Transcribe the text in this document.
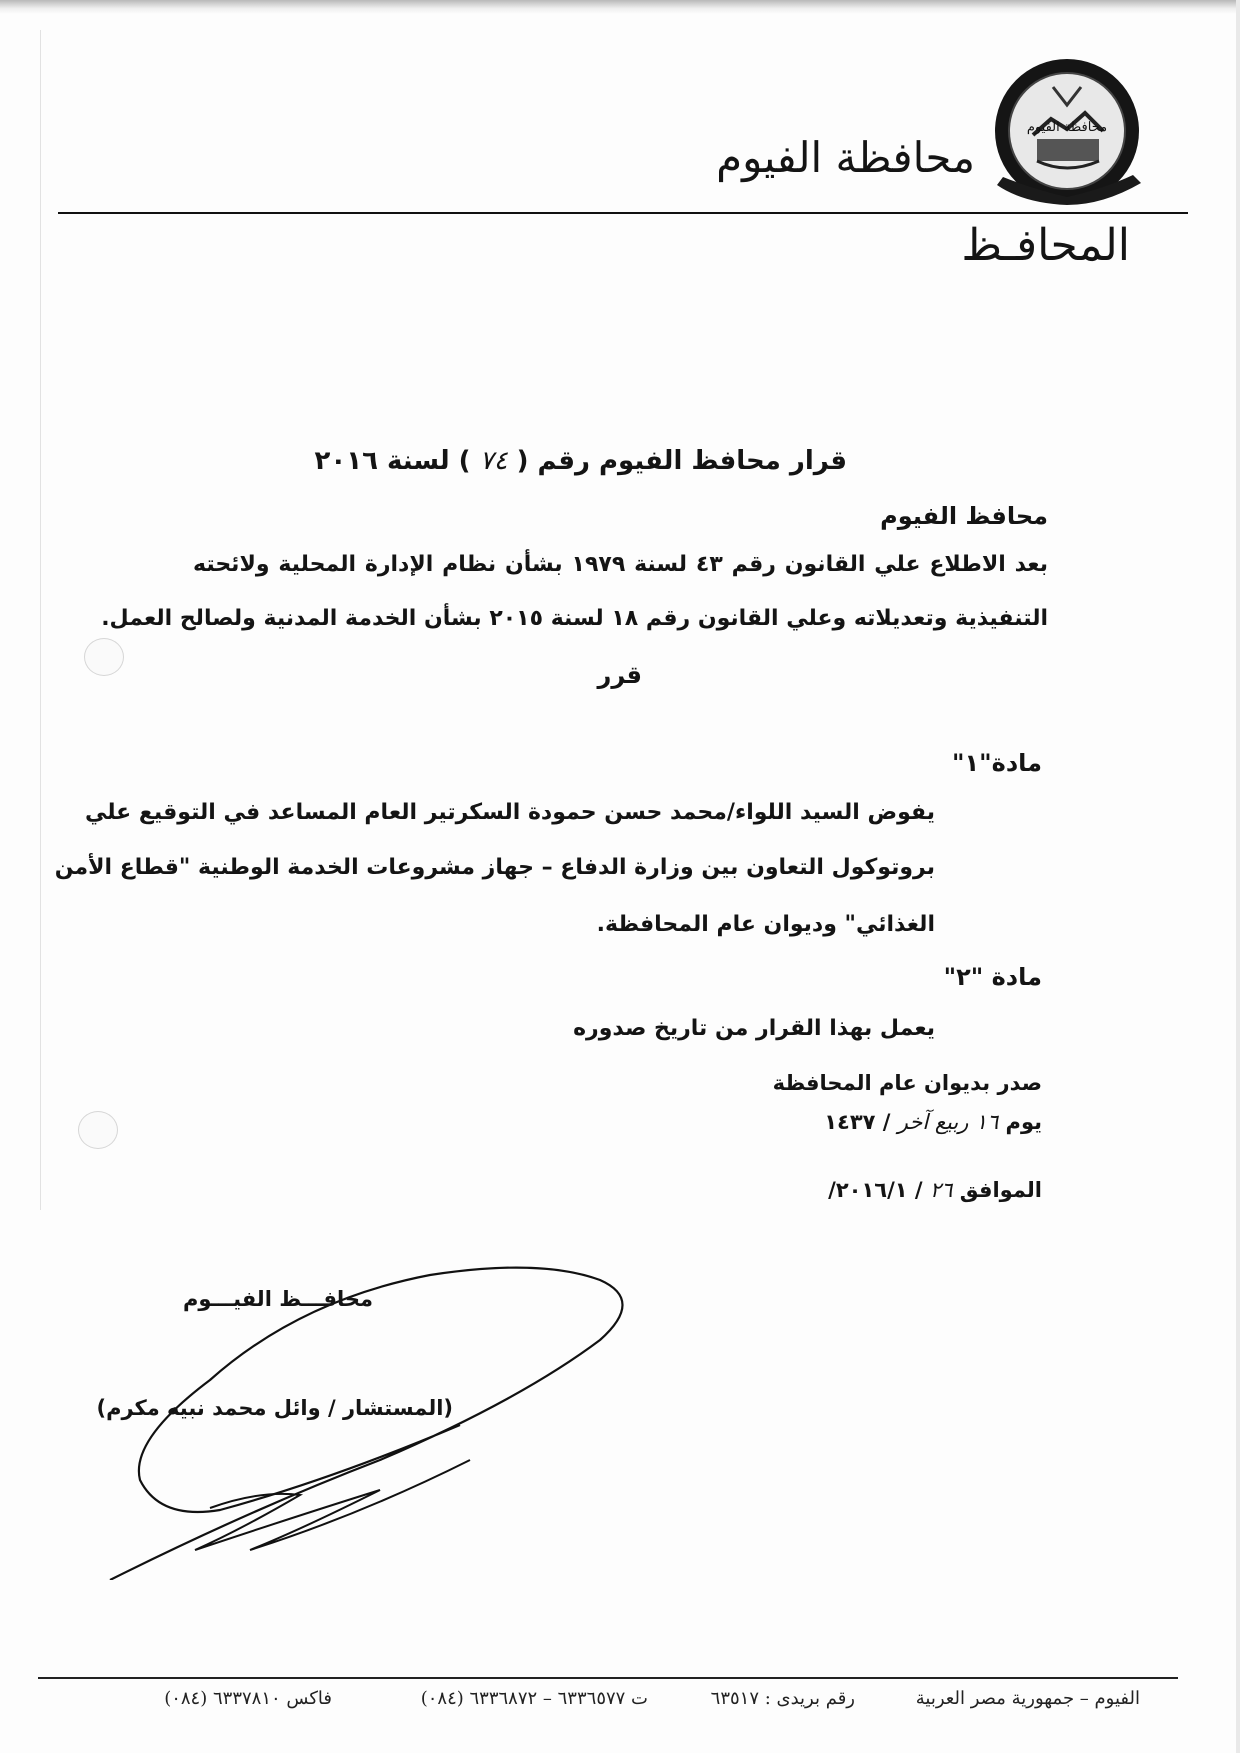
محافظة الفيوم
محافظة الفيوم
المحافـظ
قرار محافظ الفيوم رقم ( ٧٤ ) لسنة ٢٠١٦
محافظ الفيوم
بعد الاطلاع علي القانون رقم ٤٣ لسنة ١٩٧٩ بشأن نظام الإدارة المحلية ولائحته
التنفيذية وتعديلاته وعلي القانون رقم ١٨ لسنة ٢٠١٥ بشأن الخدمة المدنية ولصالح العمل.
قرر
مادة"١"
يفوض السيد اللواء/محمد حسن حمودة السكرتير العام المساعد في التوقيع علي
بروتوكول التعاون بين وزارة الدفاع – جهاز مشروعات الخدمة الوطنية "قطاع الأمن
الغذائي" وديوان عام المحافظة.
مادة "٢"
يعمل بهذا القرار من تاريخ صدوره
صدر بديوان عام المحافظة
يوم ١٦ ربيع آخر / ١٤٣٧
الموافق ٢٦ / ٢٠١٦/١/
محافـــظ الفيـــوم
(المستشار / وائل محمد نبيه مكرم)
الفيوم – جمهورية مصر العربية
رقم بريدى : ٦٣٥١٧
ت ٦٣٣٦٥٧٧ – ٦٣٣٦٨٧٢ (٠٨٤)
فاكس ٦٣٣٧٨١٠ (٠٨٤)
